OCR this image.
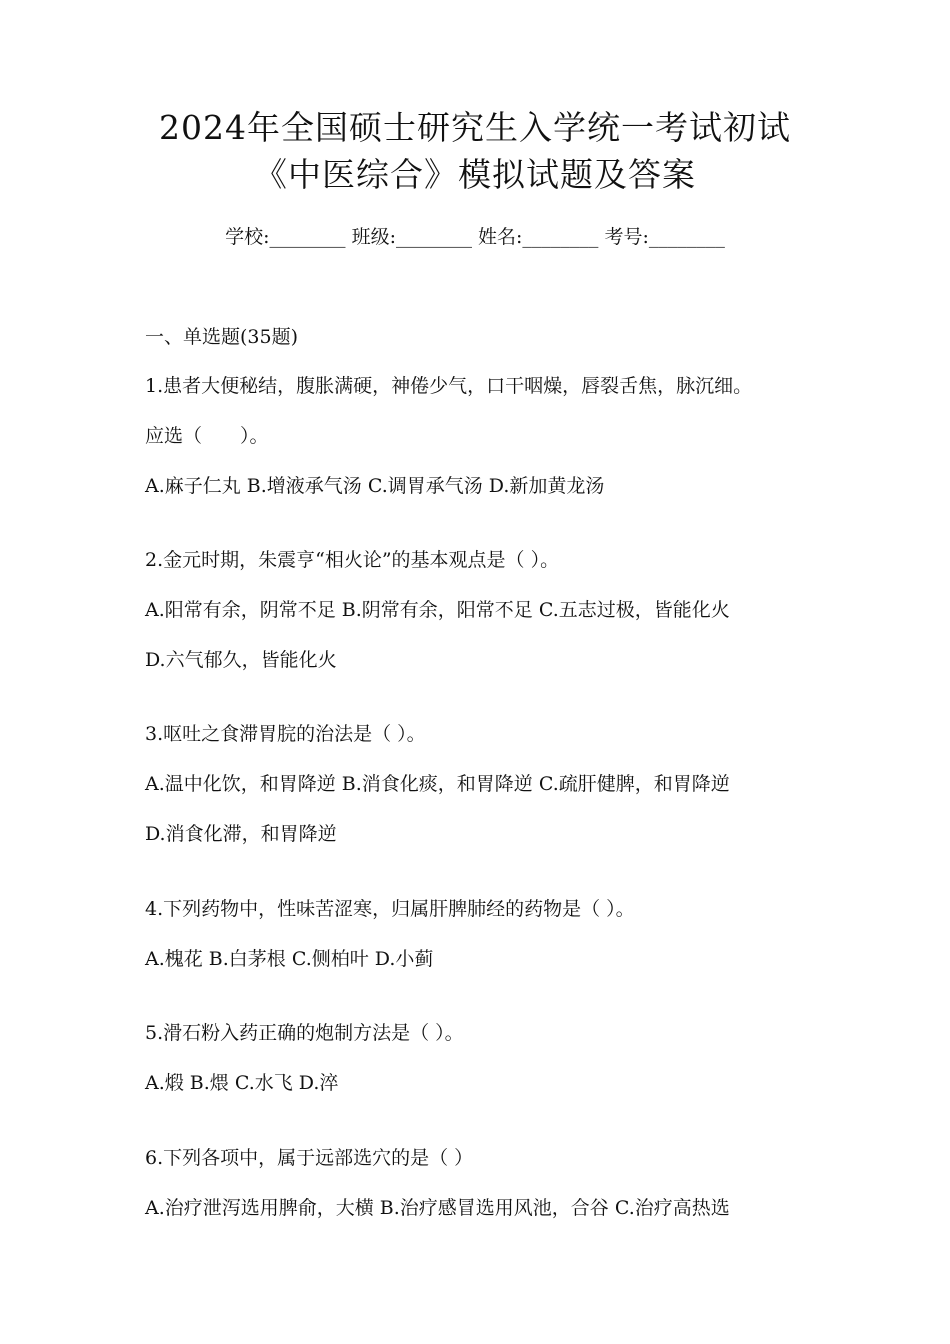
2024年全国硕士研究生入学统一考试初试
《中医综合》模拟试题及答案
学校:________ 班级:________ 姓名:________ 考号:________
一、单选题(35题)
1.患者大便秘结，腹胀满硬，神倦少气，口干咽燥，唇裂舌焦，脉沉细。
应选（　　）。
A.麻子仁丸 B.增液承气汤 C.调胃承气汤 D.新加黄龙汤
2.金元时期，朱震亨“相火论”的基本观点是（ ）。
A.阳常有余，阴常不足 B.阴常有余，阳常不足 C.五志过极，皆能化火
D.六气郁久，皆能化火
3.呕吐之食滞胃脘的治法是（ ）。
A.温中化饮，和胃降逆 B.消食化痰，和胃降逆 C.疏肝健脾，和胃降逆
D.消食化滞，和胃降逆
4.下列药物中，性味苦涩寒，归属肝脾肺经的药物是（ ）。
A.槐花 B.白茅根 C.侧柏叶 D.小蓟
5.滑石粉入药正确的炮制方法是（ ）。
A.煅 B.煨 C.水飞 D.淬
6.下列各项中，属于远部选穴的是（ ）
A.治疗泄泻选用脾俞，大横 B.治疗感冒选用风池，合谷 C.治疗高热选
